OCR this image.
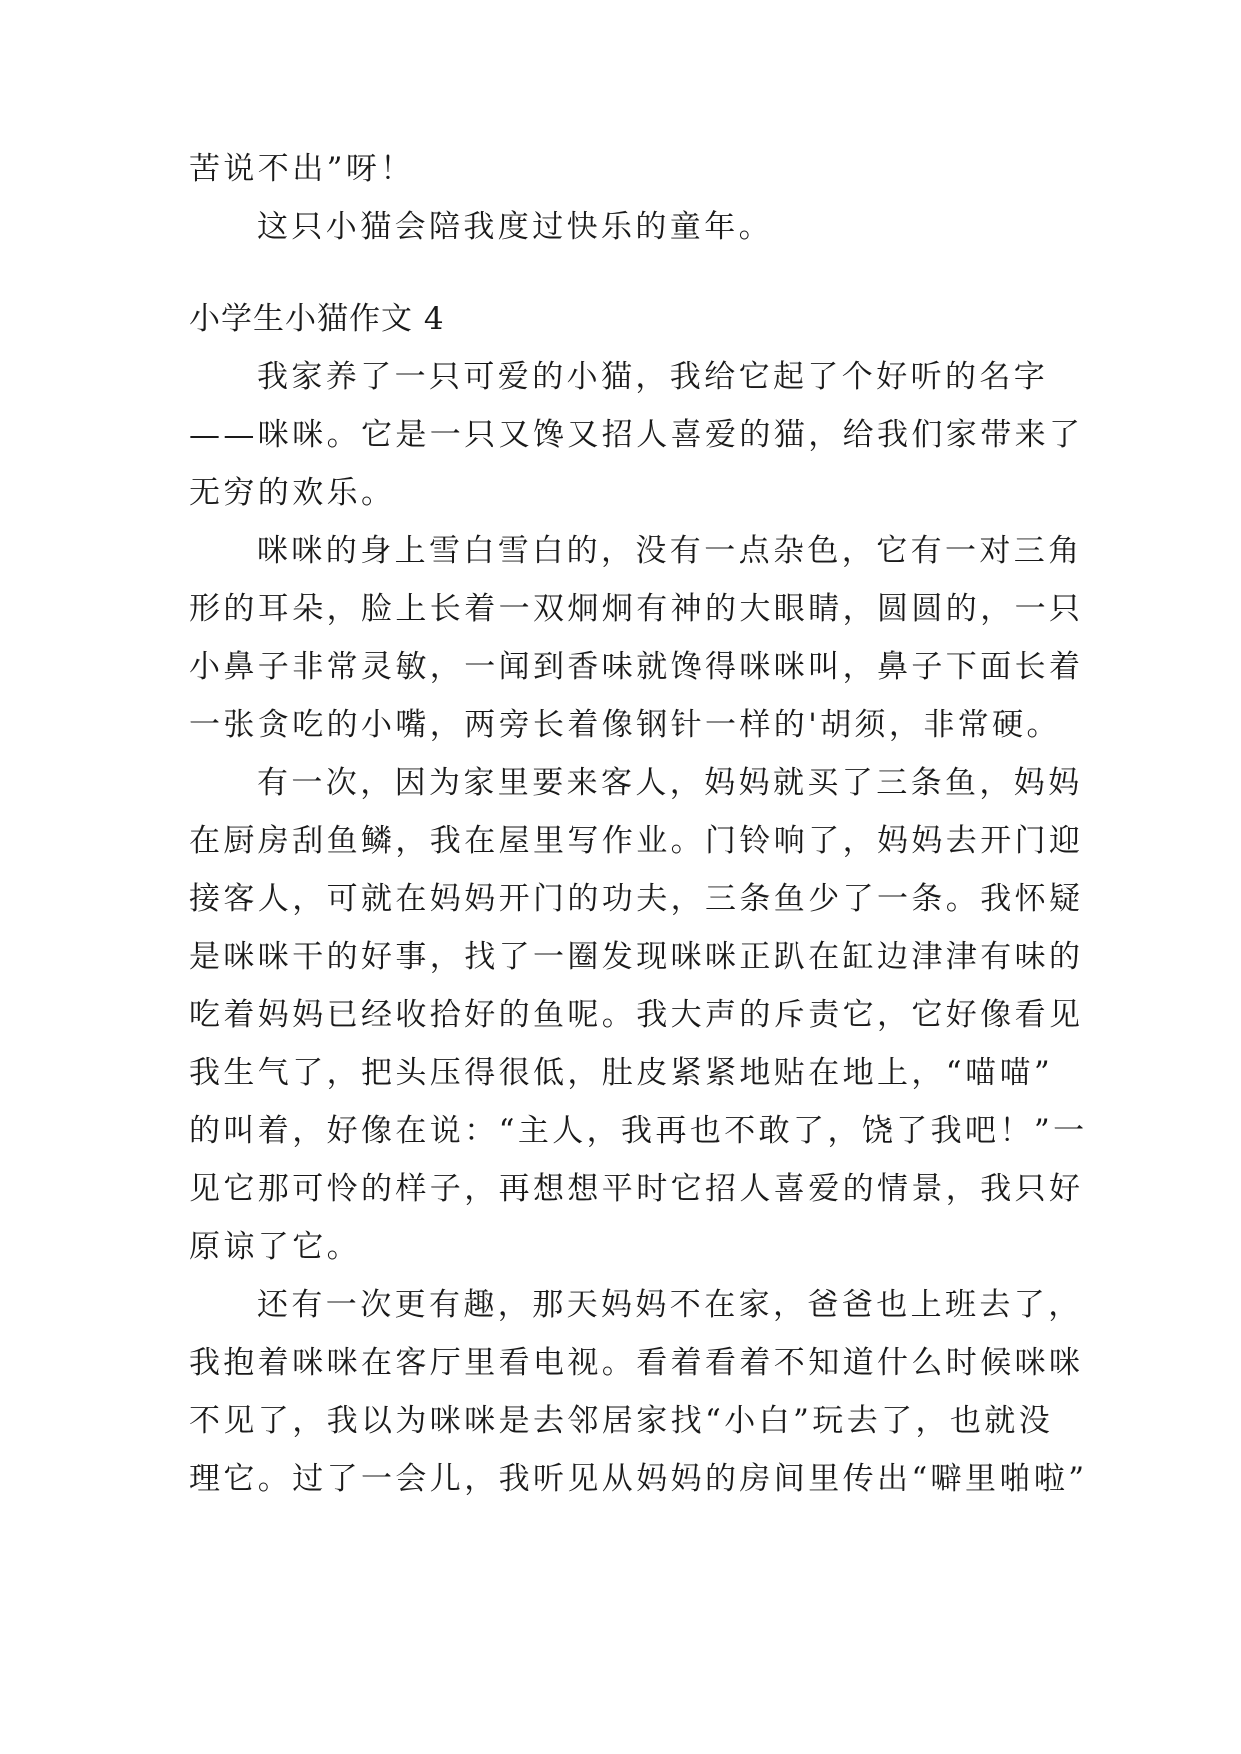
苦说不出”呀！
这只小猫会陪我度过快乐的童年。
小学生小猫作文 4
我家养了一只可爱的小猫，我给它起了个好听的名字
——咪咪。它是一只又馋又招人喜爱的猫，给我们家带来了
无穷的欢乐。
咪咪的身上雪白雪白的，没有一点杂色，它有一对三角
形的耳朵，脸上长着一双炯炯有神的大眼睛，圆圆的，一只
小鼻子非常灵敏，一闻到香味就馋得咪咪叫，鼻子下面长着
一张贪吃的小嘴，两旁长着像钢针一样的'胡须，非常硬。
有一次，因为家里要来客人，妈妈就买了三条鱼，妈妈
在厨房刮鱼鳞，我在屋里写作业。门铃响了，妈妈去开门迎
接客人，可就在妈妈开门的功夫，三条鱼少了一条。我怀疑
是咪咪干的好事，找了一圈发现咪咪正趴在缸边津津有味的
吃着妈妈已经收拾好的鱼呢。我大声的斥责它，它好像看见
我生气了，把头压得很低，肚皮紧紧地贴在地上，“喵喵”
的叫着，好像在说：“主人，我再也不敢了，饶了我吧！”一
见它那可怜的样子，再想想平时它招人喜爱的情景，我只好
原谅了它。
还有一次更有趣，那天妈妈不在家，爸爸也上班去了，
我抱着咪咪在客厅里看电视。看着看着不知道什么时候咪咪
不见了，我以为咪咪是去邻居家找“小白”玩去了，也就没
理它。过了一会儿，我听见从妈妈的房间里传出“噼里啪啦”
